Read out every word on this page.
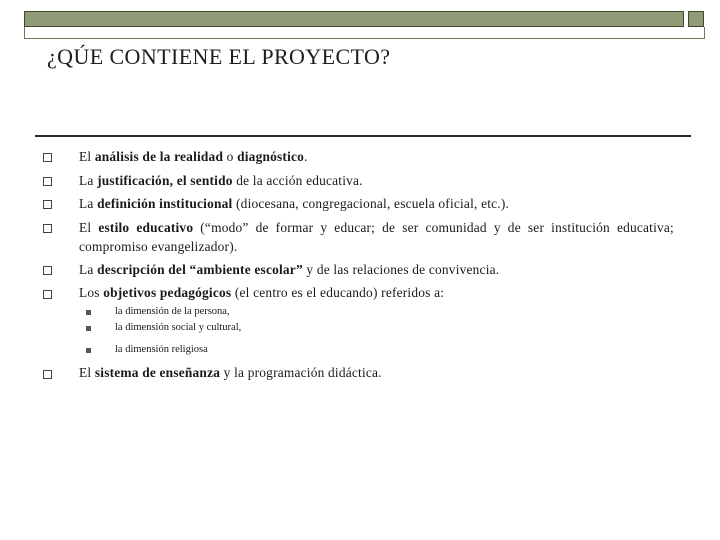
¿QÚE CONTIENE EL PROYECTO?
El análisis de la realidad o diagnóstico.
La justificación, el sentido de la acción educativa.
La definición institucional (diocesana, congregacional, escuela oficial, etc.).
El estilo educativo (“modo” de formar y educar; de ser comunidad y de ser institución educativa; compromiso evangelizador).
La descripción del “ambiente escolar” y de las relaciones de convivencia.
Los objetivos pedagógicos (el centro es el educando) referidos a:
la dimensión de la persona,
la dimensión social y cultural,
la dimensión religiosa
El sistema de enseñanza y la programación didáctica.
